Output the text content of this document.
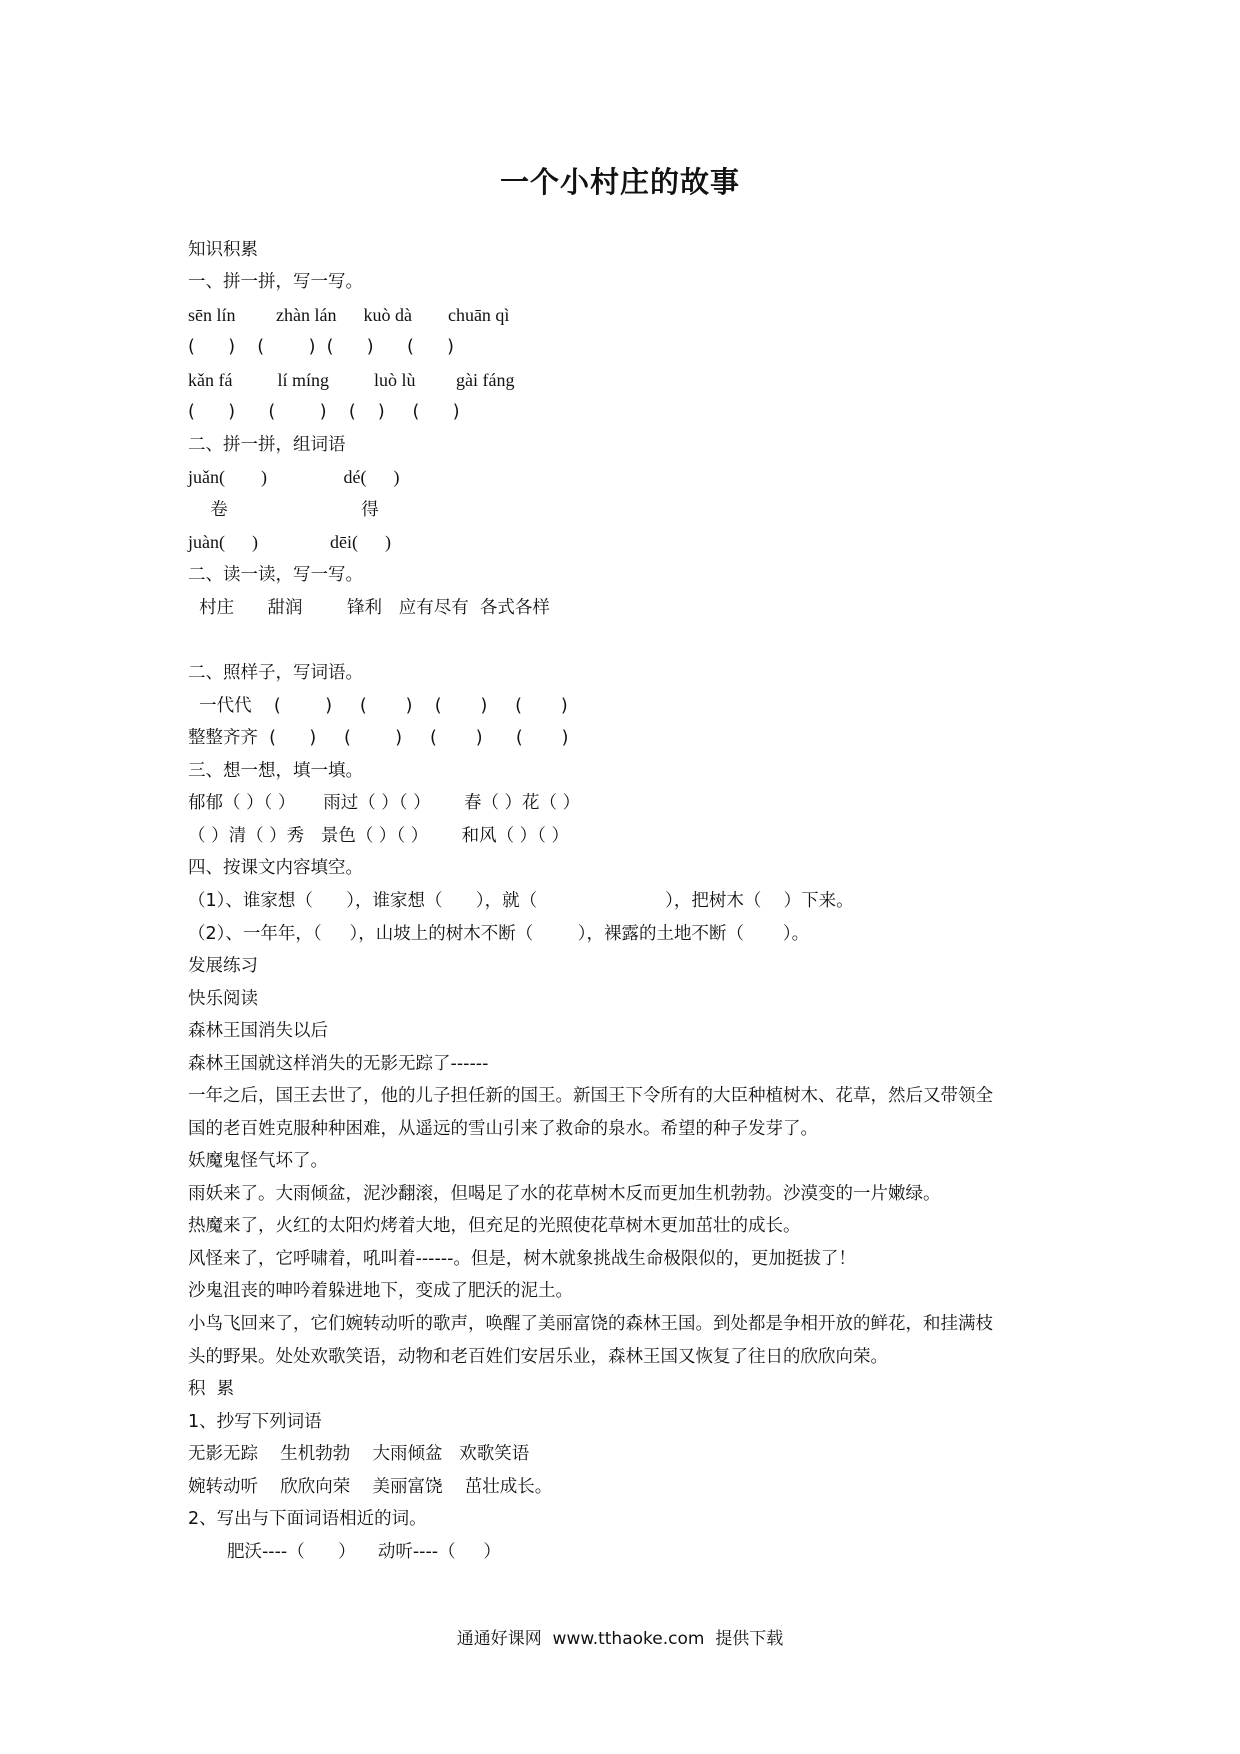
一个小村庄的故事
知识积累
一、拼一拼，写一写。
sēn lín         zhàn lán      kuò dà        chuān qì
(      )    (        )  (      )      (      )
kǎn fá          lí míng          luò lù         gài fáng
(      )      (        )    (    )     (      )
二、拼一拼，组词语
juǎn(        )                 dé(      )
卷                        得
juàn(      )                dēi(      )
二、读一读，写一写。
村庄      甜润        锋利   应有尽有  各式各样
二、照样子，写词语。
一代代    (        )     (       )    (       )     (       )
整整齐齐  (      )     (        )     (       )      (       )
三、想一想，填一填。
郁郁（ ）（ ）     雨过（ ）（ ）      春（ ）花（ ）
（ ）清（ ）秀   景色（ ）（ ）      和风（ ）（ ）
四、按课文内容填空。
（1）、谁家想（      ），谁家想（      ），就（                       ），把树木（    ）下来。
（2）、一年年，（     ），山坡上的树木不断（        ），裸露的土地不断（       ）。
发展练习
快乐阅读
森林王国消失以后
森林王国就这样消失的无影无踪了------
一年之后，国王去世了，他的儿子担任新的国王。新国王下令所有的大臣种植树木、花草，然后又带领全
国的老百姓克服种种困难，从遥远的雪山引来了救命的泉水。希望的种子发芽了。
妖魔鬼怪气坏了。
雨妖来了。大雨倾盆，泥沙翻滚，但喝足了水的花草树木反而更加生机勃勃。沙漠变的一片嫩绿。
热魔来了，火红的太阳灼烤着大地，但充足的光照使花草树木更加茁壮的成长。
风怪来了，它呼啸着，吼叫着------。但是，树木就象挑战生命极限似的，更加挺拔了！
沙鬼沮丧的呻吟着躲进地下，变成了肥沃的泥土。
小鸟飞回来了，它们婉转动听的歌声，唤醒了美丽富饶的森林王国。到处都是争相开放的鲜花，和挂满枝
头的野果。处处欢歌笑语，动物和老百姓们安居乐业，森林王国又恢复了往日的欣欣向荣。
积  累
1、抄写下列词语
无影无踪    生机勃勃    大雨倾盆   欢歌笑语
婉转动听    欣欣向荣    美丽富饶    茁壮成长。
2、写出与下面词语相近的词。
肥沃----（      ）    动听----（     ）
通通好课网  www.tthaoke.com  提供下载
